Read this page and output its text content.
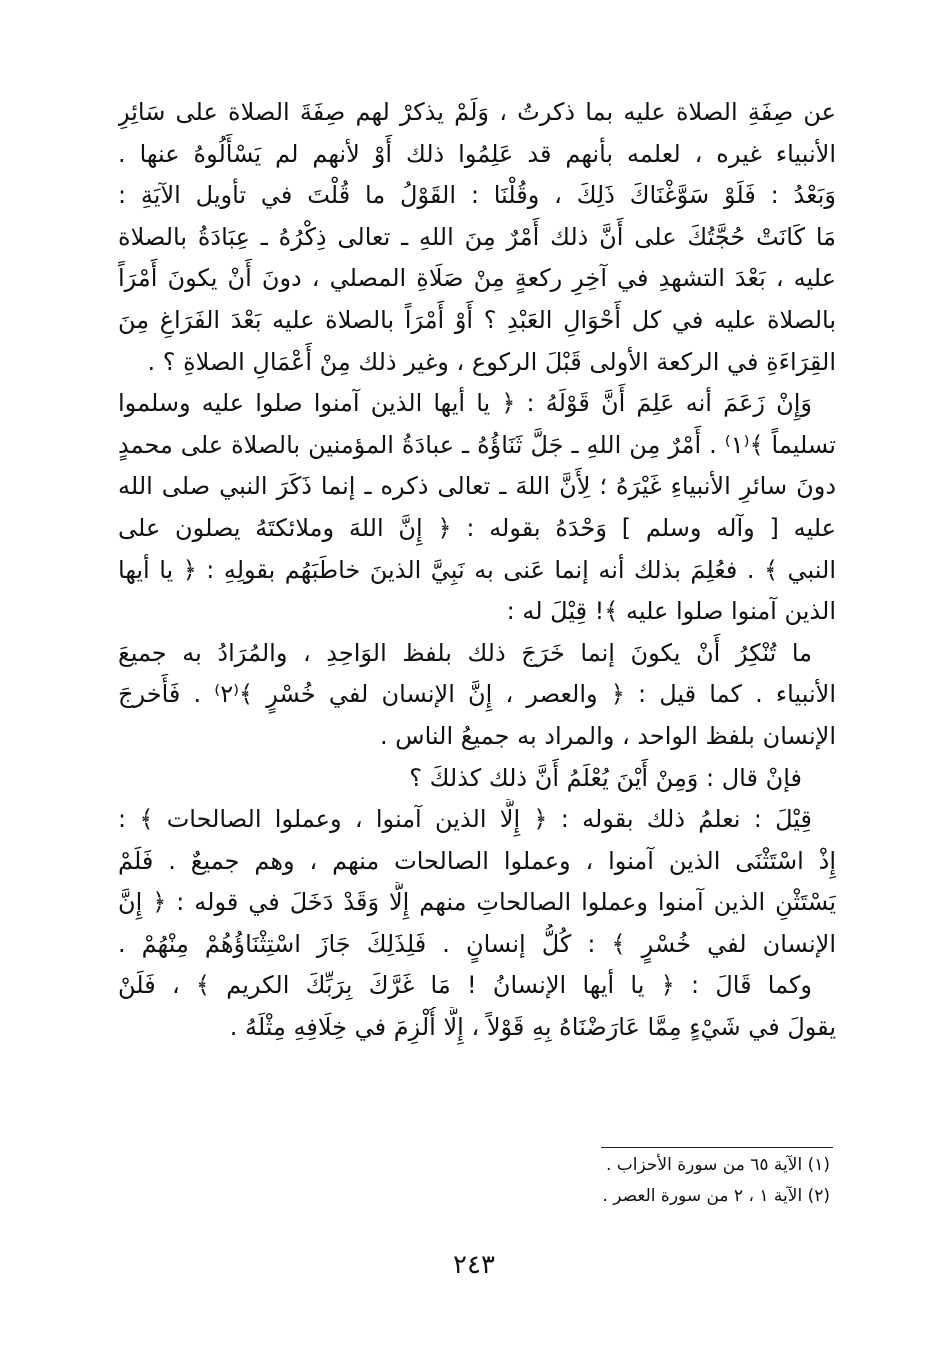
عن صِفَةِ الصلاة عليه بما ذكرتُ ، وَلَمْ يذكرْ لهم صِفَةَ الصلاة على سَائِرِ
الأنبياء غيره ، لعلمه بأنهم قد عَلِمُوا ذلك أَوْ لأنهم لم يَسْأَلُوهُ عنها .
وَبَعْدُ : فَلَوْ سَوَّغْنَاكَ ذَلِكَ ، وقُلْنَا : القَوْلُ ما قُلْتَ في تأويل الآيَةِ :
مَا كَانَتْ حُجَّتُكَ على أَنَّ ذلك أَمْرٌ مِنَ اللهِ ـ تعالى ذِكْرُهُ ـ عِبَادَةُ بالصلاة
عليه ، بَعْدَ التشهدِ في آخِرِ ركعةٍ مِنْ صَلَاةِ المصلي ، دونَ أَنْ يكونَ أَمْرَاً
بالصلاة عليه في كل أَحْوَالِ العَبْدِ ؟ أَوْ أَمْرَاً بالصلاة عليه بَعْدَ الفَرَاغِ مِنَ
القِرَاءَةِ في الركعة الأولى قَبْلَ الركوع ، وغير ذلك مِنْ أَعْمَالِ الصلاةِ ؟ .
وَإِنْ زَعَمَ أنه عَلِمَ أَنَّ قَوْلَهُ : ﴿ يا أيها الذين آمنوا صلوا عليه وسلموا
تسليماً ﴾⁽١⁾ . أَمْرٌ مِن اللهِ ـ جَلَّ ثَنَاؤُهُ ـ عبادَةُ المؤمنين بالصلاة على محمدٍ
دونَ سائرِ الأنبياءِ غَيْرَهُ ؛ لِأَنَّ اللهَ ـ تعالى ذكره ـ إنما ذَكَرَ النبي صلى الله
عليه [ وآله وسلم ] وَحْدَهُ بقوله : ﴿ إِنَّ اللهَ وملائكتَهُ يصلون على
النبي ﴾ . فعُلِمَ بذلك أنه إنما عَنى به نَبِيَّ الذينَ خاطَبَهُم بقولِهِ : ﴿ يا أيها
الذين آمنوا صلوا عليه ﴾! قِيْلَ له :
ما تُنْكِرُ أَنْ يكونَ إنما خَرَجَ ذلك بلفظ الوَاحِدِ ، والمُرَادُ به جميعَ
الأنبياء . كما قيل : ﴿ والعصر ، إِنَّ الإنسان لفي خُسْرٍ ﴾⁽٢⁾ . فَأَخرجَ
الإنسان بلفظ الواحد ، والمراد به جميعُ الناس .
فإنْ قال : وَمِنْ أَيْنَ يُعْلَمُ أَنَّ ذلك كذلكَ ؟
قِيْلَ : نعلمُ ذلك بقوله : ﴿ إِلَّا الذين آمنوا ، وعملوا الصالحات ﴾ :
إِذْ اسْتَثْنَى الذين آمنوا ، وعملوا الصالحات منهم ، وهم جميعٌ . فَلَمْ
يَسْتَثْنِ الذين آمنوا وعملوا الصالحاتِ منهم إِلَّا وَقَدْ دَخَلَ في قوله : ﴿ إِنَّ
الإنسان لفي خُسْرٍ ﴾ : كُلُّ إنسانٍ . فَلِذَلِكَ جَازَ اسْتِثْنَاؤُهُمْ مِنْهُمْ .
وكما قَالَ : ﴿ يا أيها الإنسانُ ! مَا غَرَّكَ بِرَبِّكَ الكريم ﴾ ، فَلَنْ
يقولَ في شَيْءٍ مِمَّا عَارَضْنَاهُ بِهِ قَوْلاً ، إِلَّا أُلْزِمَ في خِلَافِهِ مِثْلَهُ .
(١) الآية ٦٥ من سورة الأحزاب .
(٢) الآية ١ ، ٢ من سورة العصر .
٢٤٣
